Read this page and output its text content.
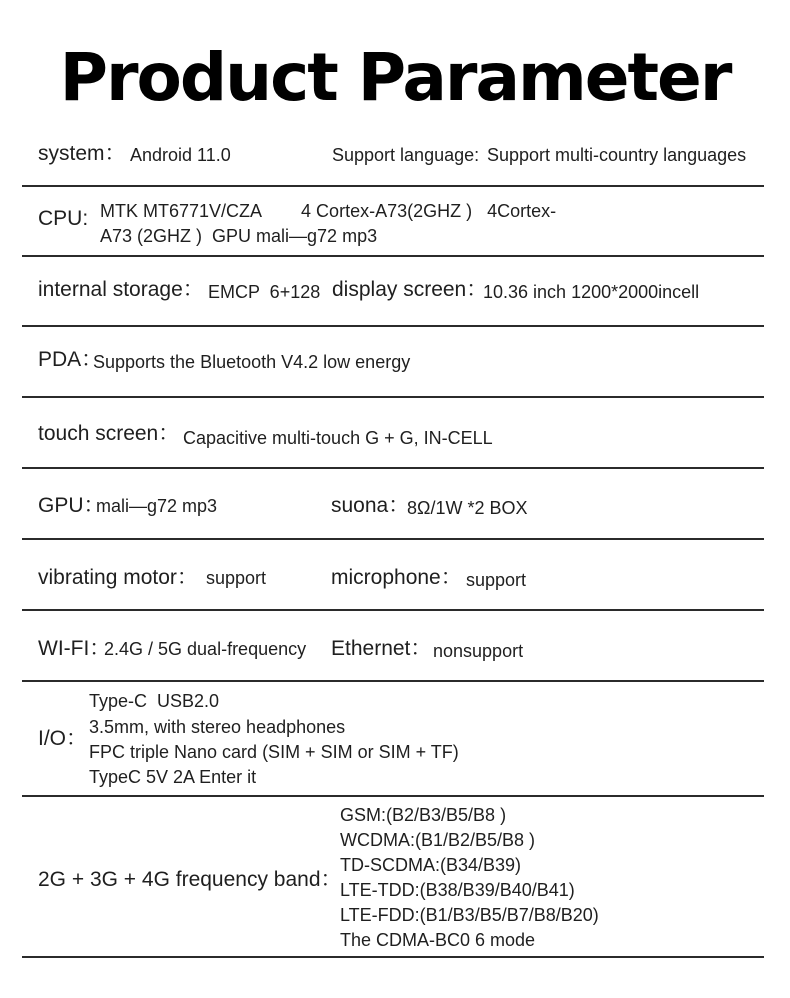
Product Parameter
system： Android 11.0	Support language: Support multi-country languages
CPU: MTK MT6771V/CZA        4 Cortex-A73(2GHZ )   4Cortex-
A73 (2GHZ )  GPU mali—g72 mp3
internal storage： EMCP  6+128 display screen：
10.36 inch 1200*2000incell
PDA：
Supports the Bluetooth V4.2 low energy
touch screen： Capacitive multi-touch G + G, IN-CELL
GPU：
mali—g72 mp3	suona：
8Ω/1W *2 BOX
vibrating motor： support	microphone： support
WI-FI：
2.4G / 5G dual-frequency Ethernet： nonsupport
I/O：
Type-C  USB2.0
3.5mm, with stereo headphones
FPC triple Nano card (SIM + SIM or SIM + TF)
TypeC 5V 2A Enter it
2G + 3G + 4G frequency band：
GSM:(B2/B3/B5/B8 )
WCDMA:(B1/B2/B5/B8 )
TD-SCDMA:(B34/B39)
LTE-TDD:(B38/B39/B40/B41)
LTE-FDD:(B1/B3/B5/B7/B8/B20)
The CDMA-BC0 6 mode
